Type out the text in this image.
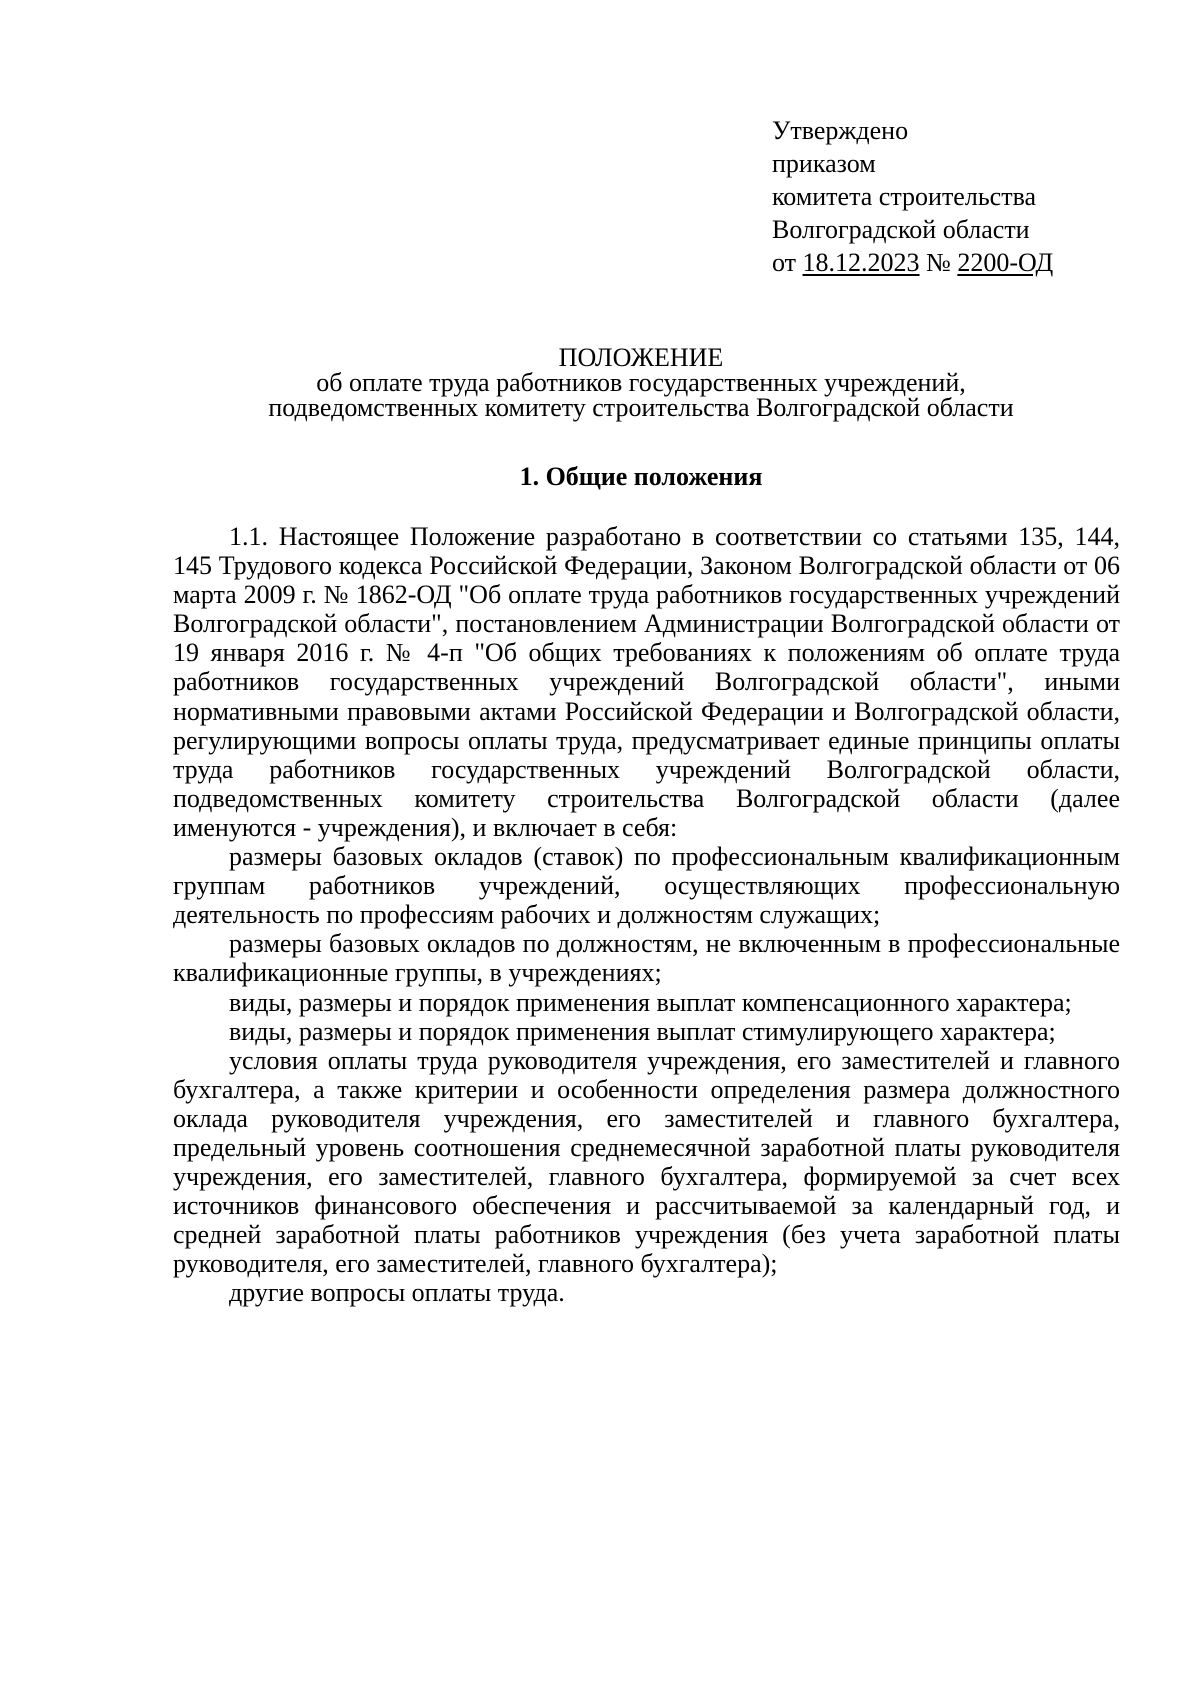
Утверждено
приказом
комитета строительства
Волгоградской области
от 18.12.2023 № 2200-ОД
ПОЛОЖЕНИЕ
об оплате труда работников государственных учреждений,
подведомственных комитету строительства Волгоградской области
1. Общие положения

1.1. Настоящее Положение разработано в соответствии со статьями 135, 144, 145 Трудового кодекса Российской Федерации, Законом Волгоградской области от 06 марта 2009 г. № 1862-ОД "Об оплате труда работников государственных учреждений Волгоградской области", постановлением Администрации Волгоградской области от 19 января 2016 г. № 4-п "Об общих требованиях к положениям об оплате труда работников государственных учреждений Волгоградской области", иными нормативными правовыми актами Российской Федерации и Волгоградской области, регулирующими вопросы оплаты труда, предусматривает единые принципы оплаты труда работников государственных учреждений Волгоградской области, подведомственных комитету строительства Волгоградской области (далее именуются - учреждения), и включает в себя:

размеры базовых окладов (ставок) по профессиональным квалификационным группам работников учреждений, осуществляющих профессиональную деятельность по профессиям рабочих и должностям служащих;

размеры базовых окладов по должностям, не включенным в профессиональные квалификационные группы, в учреждениях;

виды, размеры и порядок применения выплат компенсационного характера;

виды, размеры и порядок применения выплат стимулирующего характера;

условия оплаты труда руководителя учреждения, его заместителей и главного бухгалтера, а также критерии и особенности определения размера должностного оклада руководителя учреждения, его заместителей и главного бухгалтера, предельный уровень соотношения среднемесячной заработной платы руководителя учреждения, его заместителей, главного бухгалтера, формируемой за счет всех источников финансового обеспечения и рассчитываемой за календарный год, и средней заработной платы работников учреждения (без учета заработной платы руководителя, его заместителей, главного бухгалтера);

другие вопросы оплаты труда.
